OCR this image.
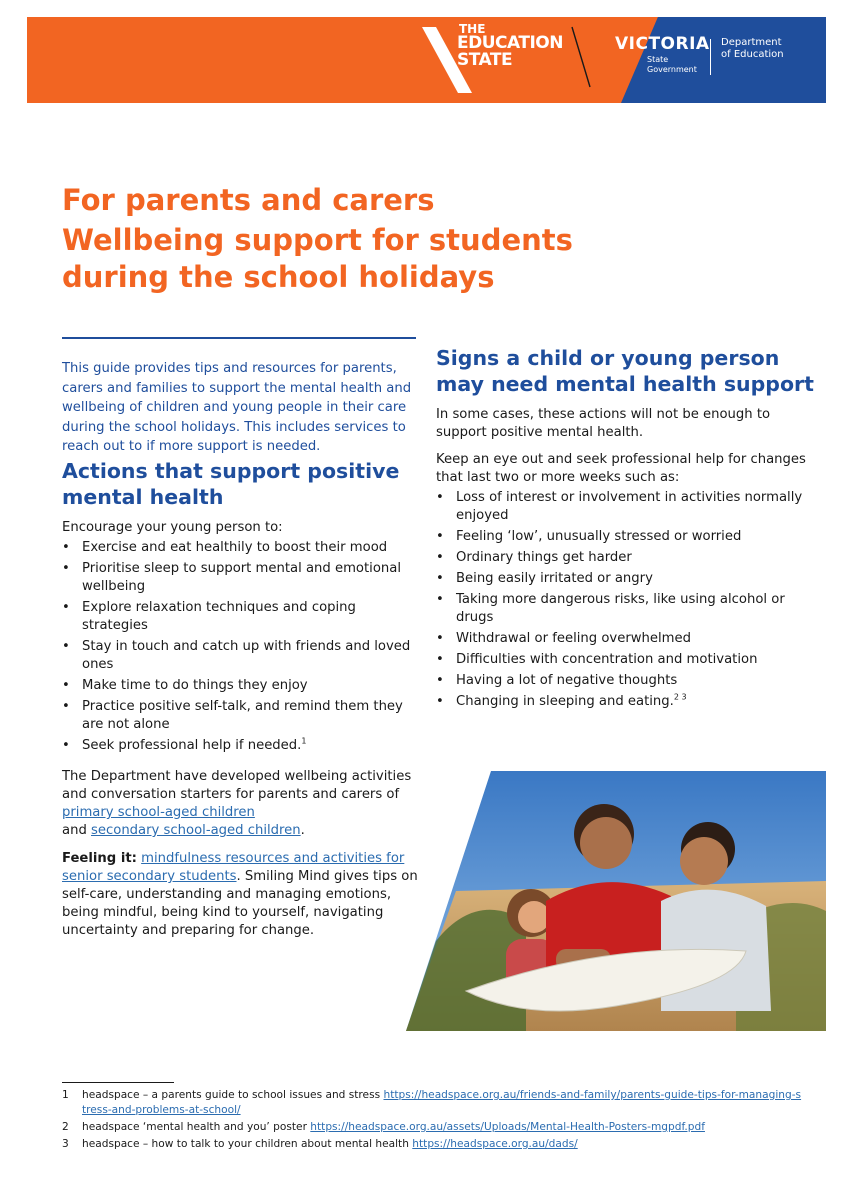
THE
EDUCATION
STATE
VICTORIA
State
Government
Department
of Education
For parents and carers
Wellbeing support for students during the school holidays

This guide provides tips and resources for parents, carers and families to support the mental health and wellbeing of children and young people in their care during the school holidays. This includes services to reach out to if more support is needed.

Actions that support positive mental health

Encourage your young person to:

• Exercise and eat healthily to boost their mood
• Prioritise sleep to support mental and emotional wellbeing
• Explore relaxation techniques and coping strategies
• Stay in touch and catch up with friends and loved ones
• Make time to do things they enjoy
• Practice positive self-talk, and remind them they are not alone
• Seek professional help if needed.$^1$

The Department have developed wellbeing activities and conversation starters for parents and carers of primary school-aged children
and secondary school-aged children.

Feeling it: mindfulness resources and activities for senior secondary students. Smiling Mind gives tips on self-care, understanding and managing emotions, being mindful, being kind to yourself, navigating uncertainty and preparing for change.

Signs a child or young person may need mental health support

In some cases, these actions will not be enough to support positive mental health.

Keep an eye out and seek professional help for changes that last two or more weeks such as:

• Loss of interest or involvement in activities normally enjoyed
• Feeling ‘low’, unusually stressed or worried
• Ordinary things get harder
• Being easily irritated or angry
• Taking more dangerous risks, like using alcohol or drugs
• Withdrawal or feeling overwhelmed
• Difficulties with concentration and motivation
• Having a lot of negative thoughts
• Changing in sleeping and eating.$^{2 3}$

1 headspace – a parents guide to school issues and stress https://headspace.org.au/friends-and-family/parents-guide-tips-for-managing-stress-and-problems-at-school/

2 headspace ‘mental health and you’ poster https://headspace.org.au/assets/Uploads/Mental-Health-Posters-mgpdf.pdf

3 headspace – how to talk to your children about mental health https://headspace.org.au/dads/
